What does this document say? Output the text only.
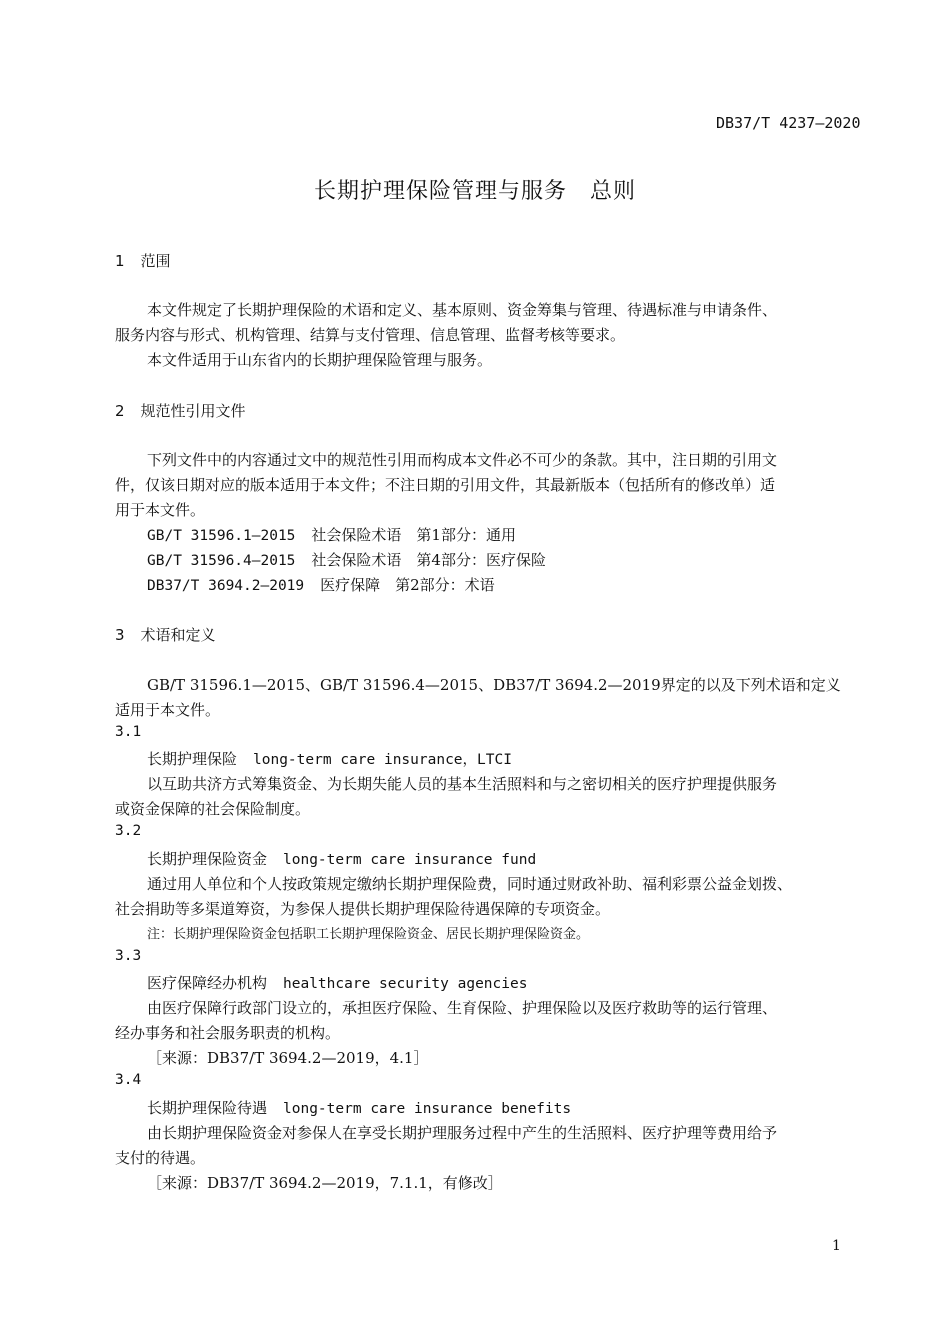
DB37/T 4237—2020
长期护理保险管理与服务　总则
1 范围
本文件规定了长期护理保险的术语和定义、基本原则、资金筹集与管理、待遇标准与申请条件、
服务内容与形式、机构管理、结算与支付管理、信息管理、监督考核等要求。
本文件适用于山东省内的长期护理保险管理与服务。
2 规范性引用文件
下列文件中的内容通过文中的规范性引用而构成本文件必不可少的条款。其中，注日期的引用文
件，仅该日期对应的版本适用于本文件；不注日期的引用文件，其最新版本（包括所有的修改单）适
用于本文件。
GB/T 31596.1—2015 社会保险术语　第1部分：通用
GB/T 31596.4—2015 社会保险术语　第4部分：医疗保险
DB37/T 3694.2—2019 医疗保障　第2部分：术语
3 术语和定义
GB/T 31596.1—2015、GB/T 31596.4—2015、DB37/T 3694.2—2019界定的以及下列术语和定义
适用于本文件。
3.1
长期护理保险 long-term care insurance，LTCI
以互助共济方式筹集资金、为长期失能人员的基本生活照料和与之密切相关的医疗护理提供服务
或资金保障的社会保险制度。
3.2
长期护理保险资金 long-term care insurance fund
通过用人单位和个人按政策规定缴纳长期护理保险费，同时通过财政补助、福利彩票公益金划拨、
社会捐助等多渠道筹资，为参保人提供长期护理保险待遇保障的专项资金。
注：长期护理保险资金包括职工长期护理保险资金、居民长期护理保险资金。
3.3
医疗保障经办机构 healthcare security agencies
由医疗保障行政部门设立的，承担医疗保险、生育保险、护理保险以及医疗救助等的运行管理、
经办事务和社会服务职责的机构。
［来源：DB37/T 3694.2—2019，4.1］
3.4
长期护理保险待遇 long-term care insurance benefits
由长期护理保险资金对参保人在享受长期护理服务过程中产生的生活照料、医疗护理等费用给予
支付的待遇。
［来源：DB37/T 3694.2—2019，7.1.1，有修改］
1
